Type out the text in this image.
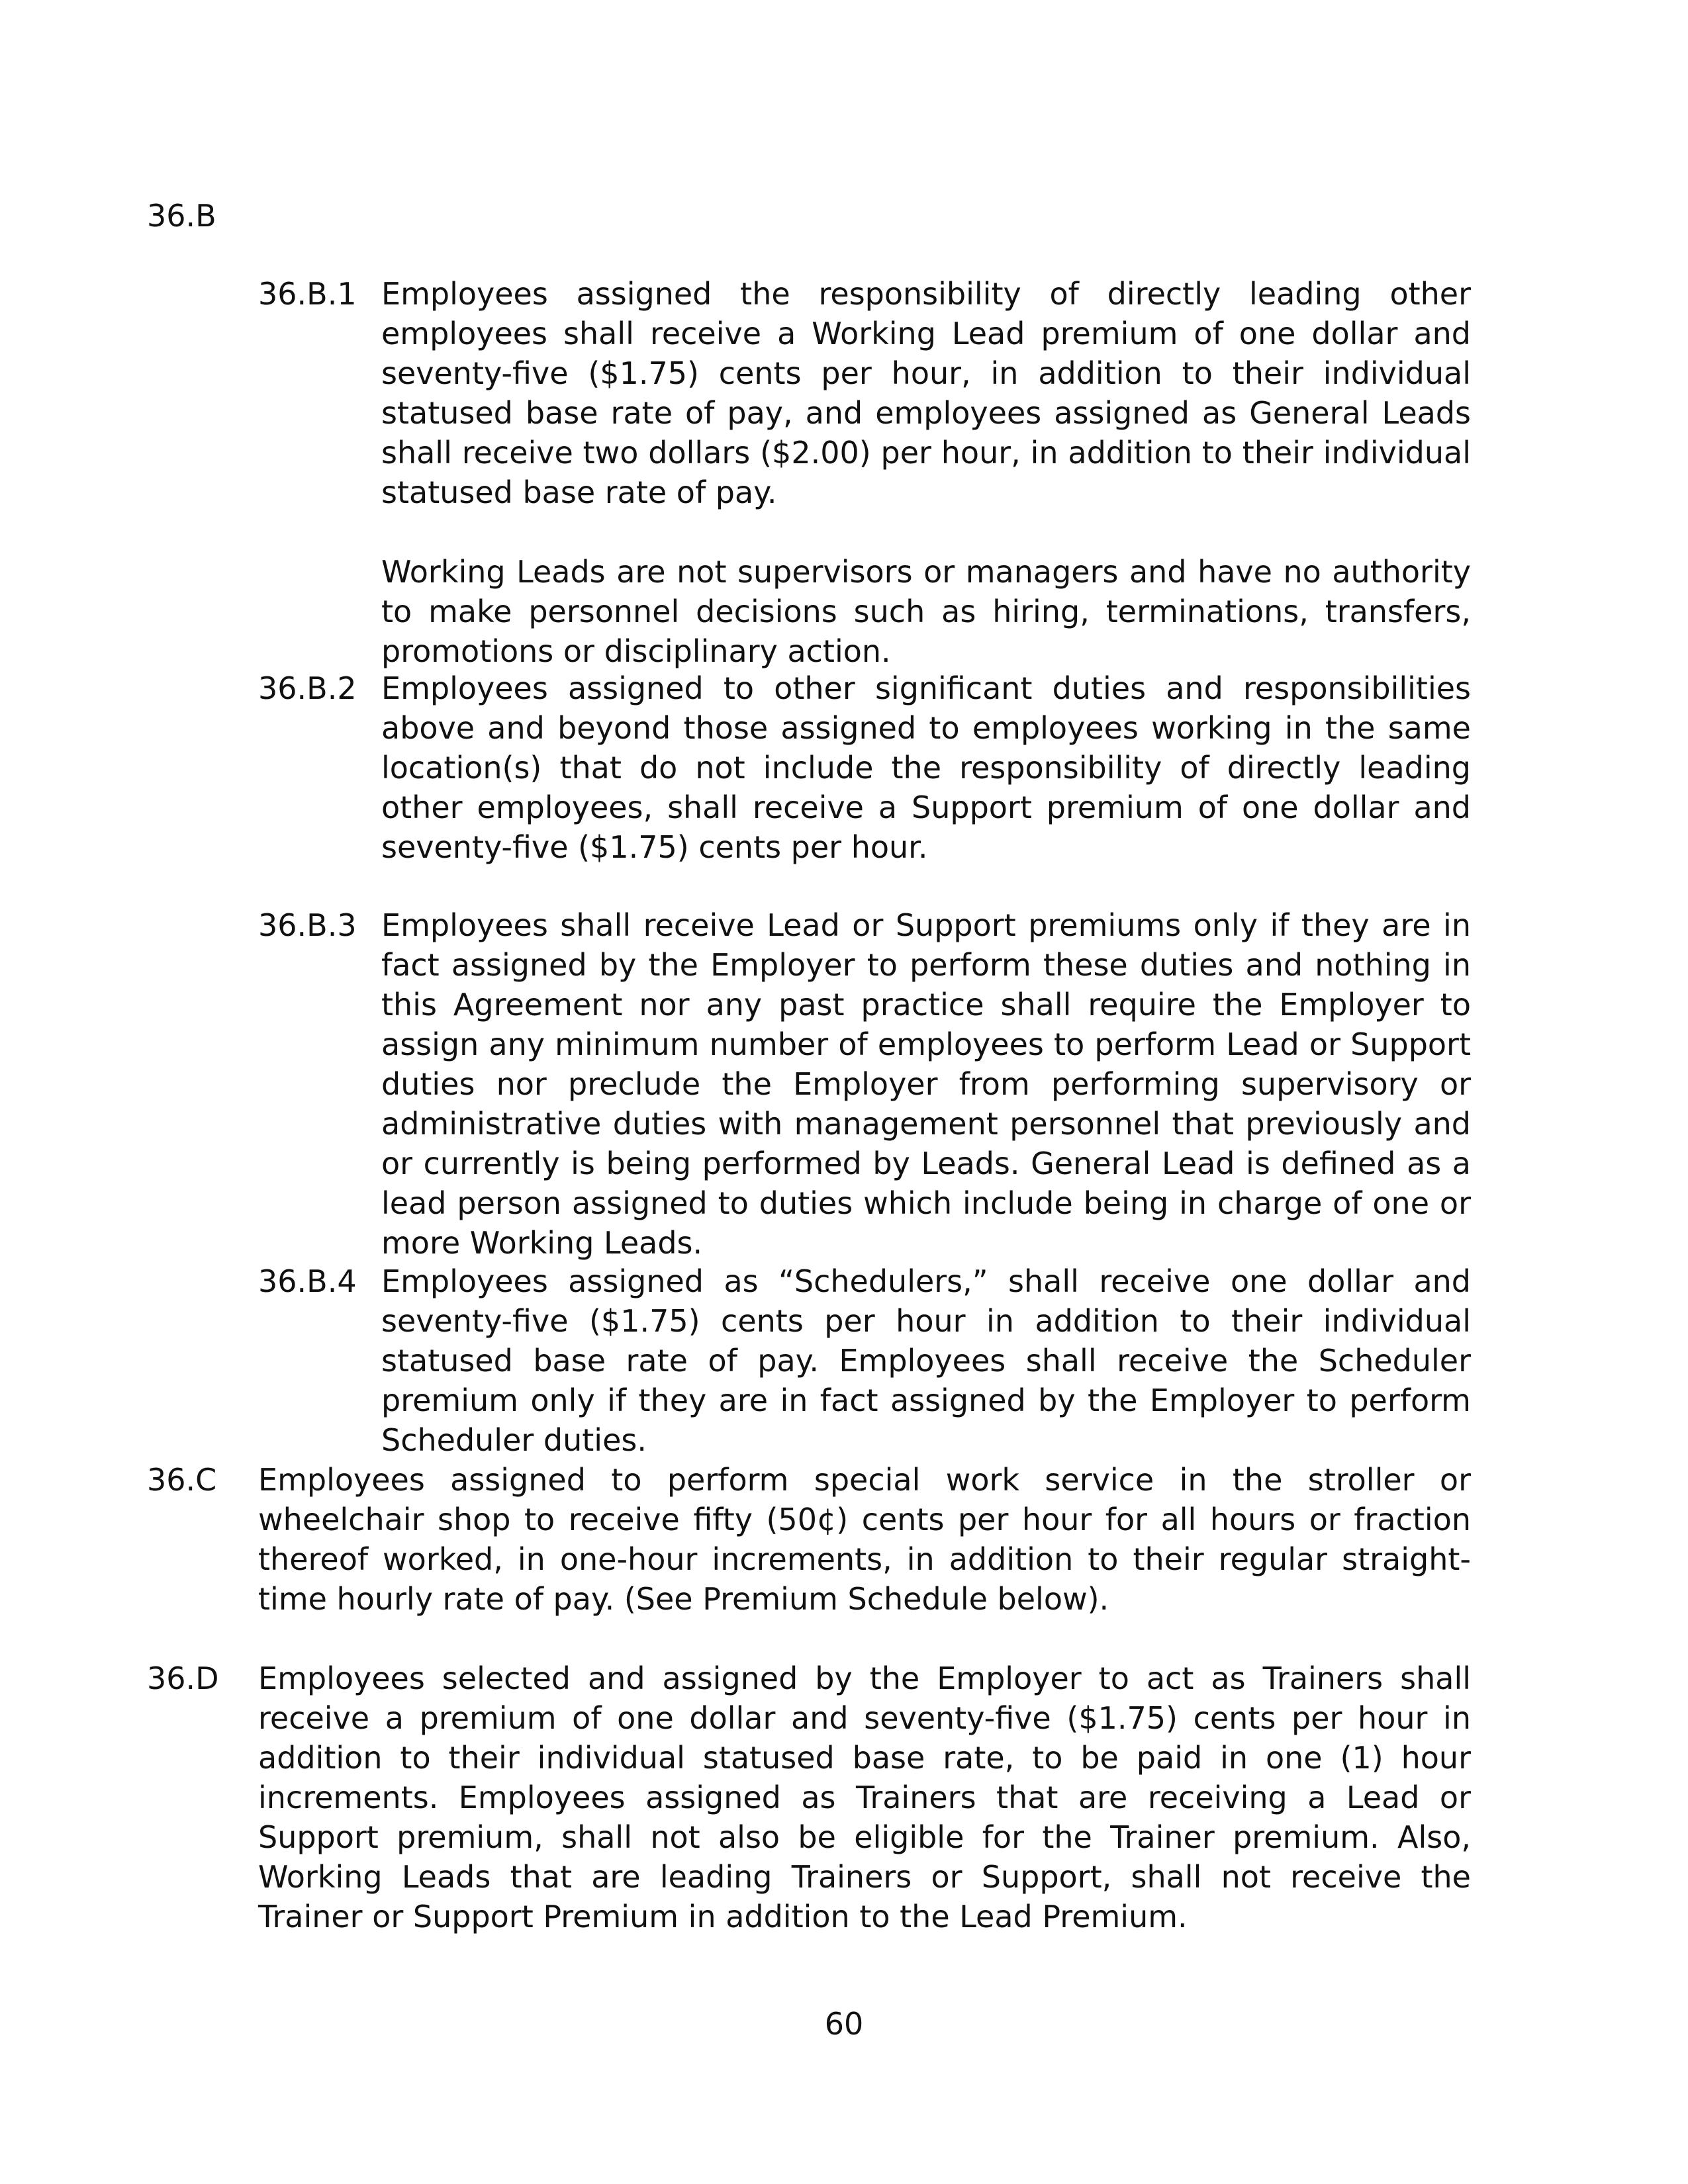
36.B
36.B.1 Employees assigned the responsibility of directly leading other employees shall receive a Working Lead premium of one dollar and seventy-five ($1.75) cents per hour, in addition to their individual statused base rate of pay, and employees assigned as General Leads shall receive two dollars ($2.00) per hour, in addition to their individual statused base rate of pay.

Working Leads are not supervisors or managers and have no authority to make personnel decisions such as hiring, terminations, transfers, promotions or disciplinary action.

36.B.2 Employees assigned to other significant duties and responsibilities above and beyond those assigned to employees working in the same location(s) that do not include the responsibility of directly leading other employees, shall receive a Support premium of one dollar and seventy-five ($1.75) cents per hour.

36.B.3 Employees shall receive Lead or Support premiums only if they are in fact assigned by the Employer to perform these duties and nothing in this Agreement nor any past practice shall require the Employer to assign any minimum number of employees to perform Lead or Support duties nor preclude the Employer from performing supervisory or administrative duties with management personnel that previously and or currently is being performed by Leads. General Lead is defined as a lead person assigned to duties which include being in charge of one or more Working Leads.

36.B.4 Employees assigned as “Schedulers,” shall receive one dollar and seventy-five ($1.75) cents per hour in addition to their individual statused base rate of pay. Employees shall receive the Scheduler premium only if they are in fact assigned by the Employer to perform Scheduler duties.

36.C Employees assigned to perform special work service in the stroller or wheelchair shop to receive fifty (50¢) cents per hour for all hours or fraction thereof worked, in one-hour increments, in addition to their regular straight-time hourly rate of pay. (See Premium Schedule below).

36.D Employees selected and assigned by the Employer to act as Trainers shall receive a premium of one dollar and seventy-five ($1.75) cents per hour in addition to their individual statused base rate, to be paid in one (1) hour increments. Employees assigned as Trainers that are receiving a Lead or Support premium, shall not also be eligible for the Trainer premium. Also, Working Leads that are leading Trainers or Support, shall not receive the Trainer or Support Premium in addition to the Lead Premium.

60
